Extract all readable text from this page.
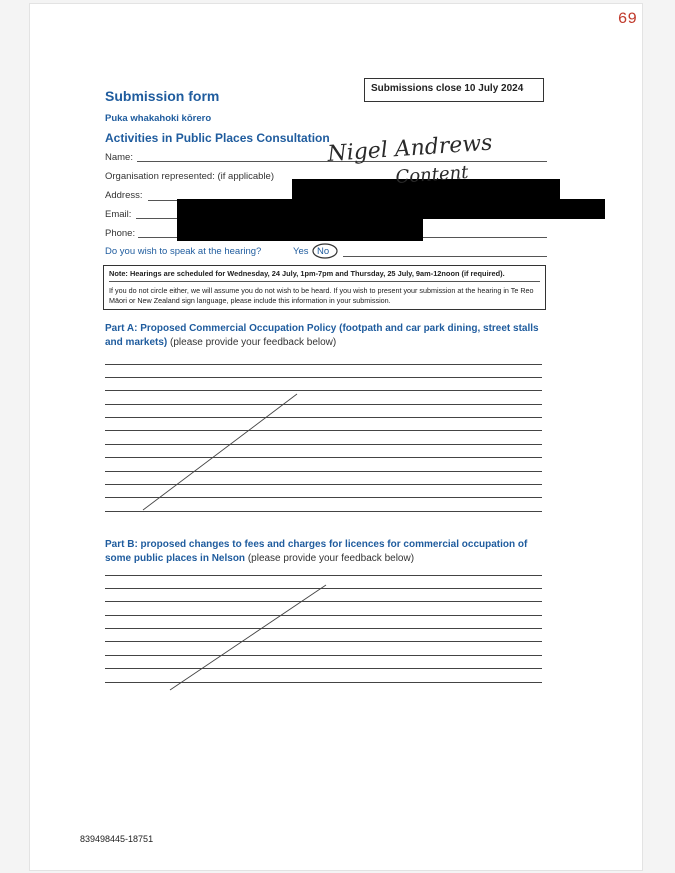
69
Submissions close 10 July 2024
Submission form
Puka whakahoki kōrero
Activities in Public Places Consultation
Name:
Organisation represented: (if applicable)
Address:
Email:
Phone:
Do you wish to speak at the hearing?	Yes No
Note: Hearings are scheduled for Wednesday, 24 July, 1pm-7pm and Thursday, 25 July, 9am-12noon (if required).
If you do not circle either, we will assume you do not wish to be heard. If you wish to present your submission at the hearing in Te Reo Māori or New Zealand sign language, please include this information in your submission.
Part A: Proposed Commercial Occupation Policy (footpath and car park dining, street stalls and markets) (please provide your feedback below)
Part B: proposed changes to fees and charges for licences for commercial occupation of some public places in Nelson (please provide your feedback below)
Nigel Andrews
Content
839498445-18751
